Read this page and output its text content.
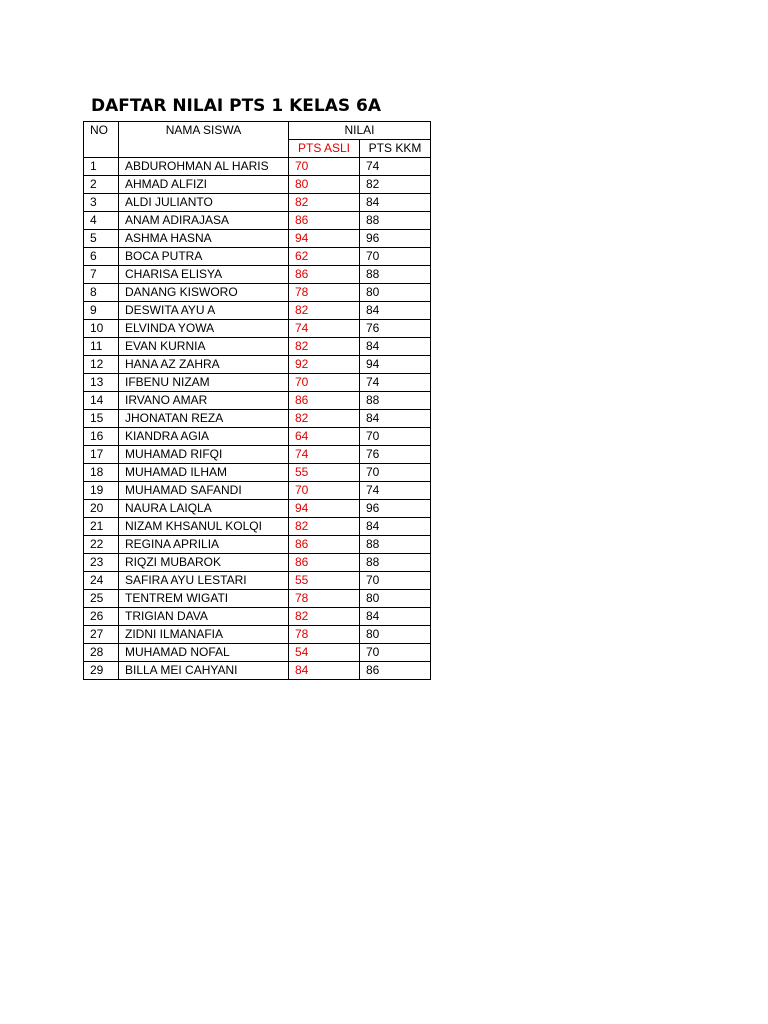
DAFTAR NILAI PTS 1 KELAS 6A
NO	NAMA SISWA	NILAI	
		PTS ASLI	PTS KKM
1	ABDUROHMAN AL HARIS	70	74
2	AHMAD ALFIZI	80	82
3	ALDI JULIANTO	82	84
4	ANAM ADIRAJASA	86	88
5	ASHMA HASNA	94	96
6	BOCA PUTRA	62	70
7	CHARISA ELISYA	86	88
8	DANANG KISWORO	78	80
9	DESWITA AYU A	82	84
10	ELVINDA YOWA	74	76
11	EVAN KURNIA	82	84
12	HANA AZ ZAHRA	92	94
13	IFBENU NIZAM	70	74
14	IRVANO AMAR	86	88
15	JHONATAN REZA	82	84
16	KIANDRA AGIA	64	70
17	MUHAMAD RIFQI	74	76
18	MUHAMAD ILHAM	55	70
19	MUHAMAD SAFANDI	70	74
20	NAURA LAIQLA	94	96
21	NIZAM KHSANUL KOLQI	82	84
22	REGINA APRILIA	86	88
23	RIQZI MUBAROK	86	88
24	SAFIRA AYU LESTARI	55	70
25	TENTREM WIGATI	78	80
26	TRIGIAN DAVA	82	84
27	ZIDNI ILMANAFIA	78	80
28	MUHAMAD NOFAL	54	70
29	BILLA MEI CAHYANI	84	86
